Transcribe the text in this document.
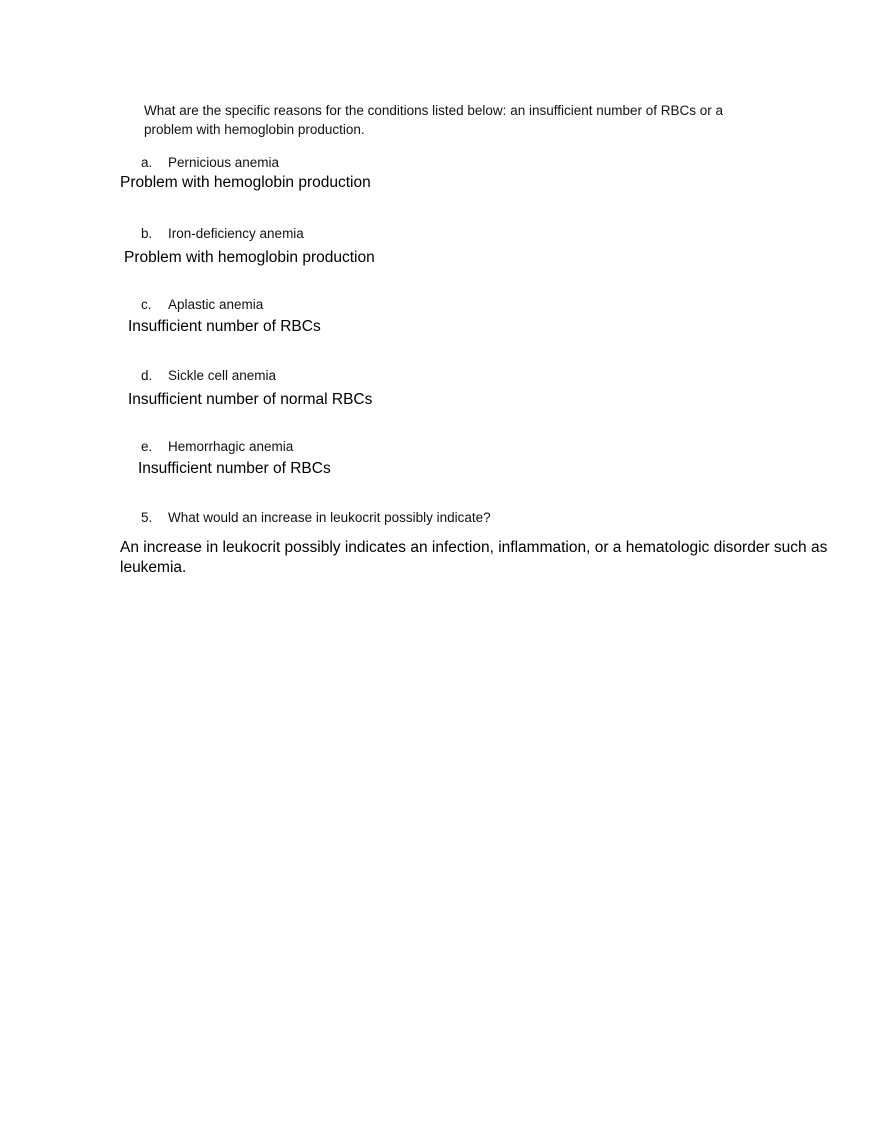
What are the specific reasons for the conditions listed below: an insufficient number of RBCs or a problem with hemoglobin production.
a.	Pernicious anemia
Problem with hemoglobin production
b.	Iron-deficiency anemia
Problem with hemoglobin production
c.	Aplastic anemia
Insufficient number of RBCs
d.	Sickle cell anemia
Insufficient number of normal RBCs
e.	Hemorrhagic anemia
Insufficient number of RBCs
5.	What would an increase in leukocrit possibly indicate?
An increase in leukocrit possibly indicates an infection, inflammation, or a hematologic disorder such as leukemia.
